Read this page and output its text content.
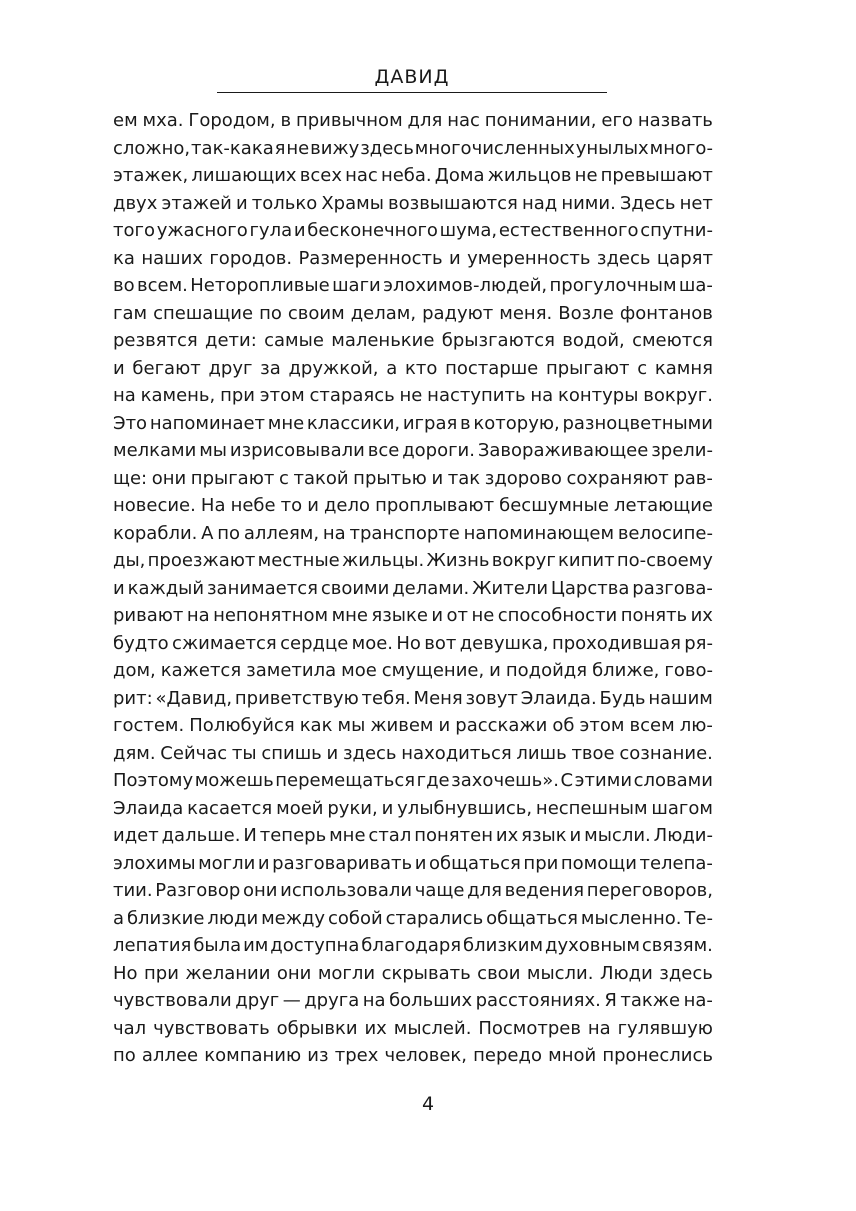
ДАВИД
ем мха. Городом, в привычном для нас понимании, его назвать
сложно, так-кака я не вижу здесь многочисленных унылых много-
этажек, лишающих всех нас неба. Дома жильцов не превышают
двух этажей и только Храмы возвышаются над ними. Здесь нет
того ужасного гула и бесконечного шума, естественного спутни-
ка наших городов. Размеренность и умеренность здесь царят
во всем. Неторопливые шаги элохимов-людей, прогулочным ша-
гам спешащие по своим делам, радуют меня. Возле фонтанов
резвятся дети: самые маленькие брызгаются водой, смеются
и бегают друг за дружкой, а кто постарше прыгают с камня
на камень, при этом стараясь не наступить на контуры вокруг.
Это напоминает мне классики, играя в которую, разноцветными
мелками мы изрисовывали все дороги. Завораживающее зрели-
ще: они прыгают с такой прытью и так здорово сохраняют рав-
новесие. На небе то и дело проплывают бесшумные летающие
корабли. А по аллеям, на транспорте напоминающем велосипе-
ды, проезжают местные жильцы. Жизнь вокруг кипит по-своему
и каждый занимается своими делами. Жители Царства разгова-
ривают на непонятном мне языке и от не способности понять их
будто сжимается сердце мое. Но вот девушка, проходившая ря-
дом, кажется заметила мое смущение, и подойдя ближе, гово-
рит: «Давид, приветствую тебя. Меня зовут Элаида. Будь нашим
гостем. Полюбуйся как мы живем и расскажи об этом всем лю-
дям. Сейчас ты спишь и здесь находиться лишь твое сознание.
Поэтому можешь перемещаться где захочешь». С этими словами
Элаида касается моей руки, и улыбнувшись, неспешным шагом
идет дальше. И теперь мне стал понятен их язык и мысли. Люди-
элохимы могли и разговаривать и общаться при помощи телепа-
тии. Разговор они использовали чаще для ведения переговоров,
а близкие люди между собой старались общаться мысленно. Те-
лепатия была им доступна благодаря близким духовным связям.
Но при желании они могли скрывать свои мысли. Люди здесь
чувствовали друг — друга на больших расстояниях. Я также на-
чал чувствовать обрывки их мыслей. Посмотрев на гулявшую
по аллее компанию из трех человек, передо мной пронеслись
4
